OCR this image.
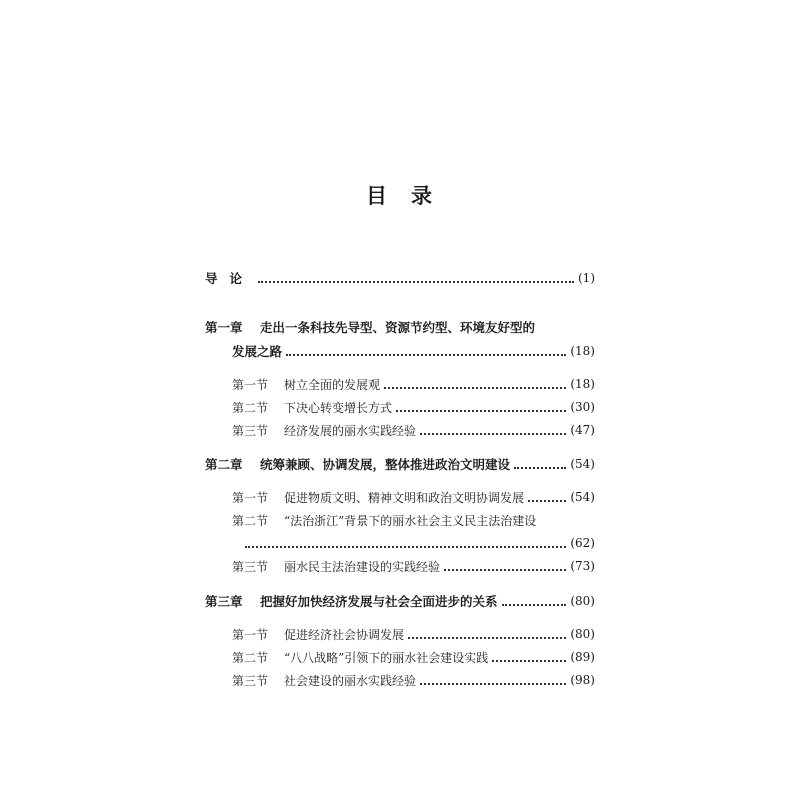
目 录
导论	(1)
第一章	走出一条科技先导型、资源节约型、环境友好型的
发展之路	(18)
第一节	树立全面的发展观	(18)
第二节	下决心转变增长方式	(30)
第三节	经济发展的丽水实践经验	(47)
第二章	统筹兼顾、协调发展，整体推进政治文明建设	(54)
第一节	促进物质文明、精神文明和政治文明协调发展	(54)
第二节	“法治浙江”背景下的丽水社会主义民主法治建设
(62)
第三节	丽水民主法治建设的实践经验	(73)
第三章	把握好加快经济发展与社会全面进步的关系	(80)
第一节	促进经济社会协调发展	(80)
第二节	“八八战略”引领下的丽水社会建设实践	(89)
第三节	社会建设的丽水实践经验	(98)
